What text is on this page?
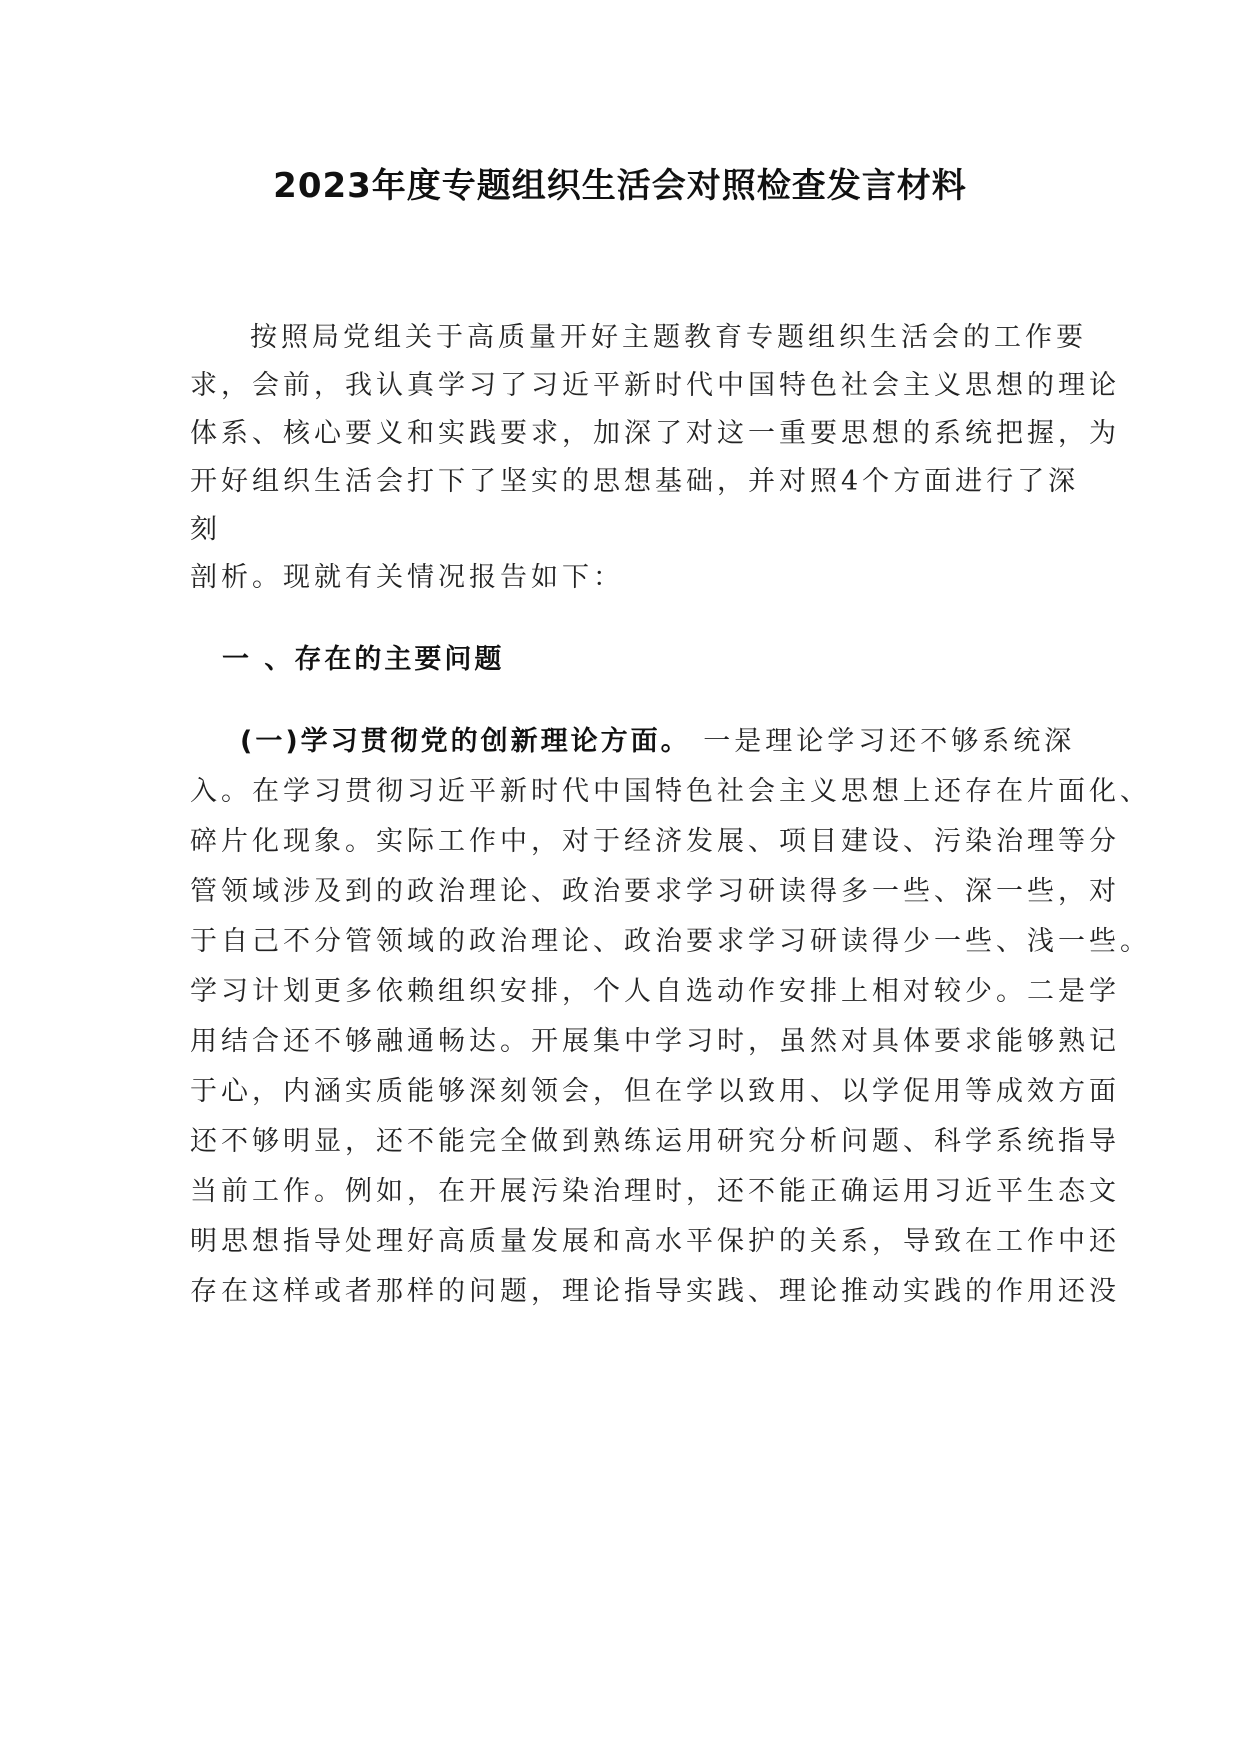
2023年度专题组织生活会对照检查发言材料
按照局党组关于高质量开好主题教育专题组织生活会的工作要
求，会前，我认真学习了习近平新时代中国特色社会主义思想的理论
体系、核心要义和实践要求，加深了对这一重要思想的系统把握，为
开好组织生活会打下了坚实的思想基础，并对照4个方面进行了深
刻
剖析。现就有关情况报告如下：
一 、存在的主要问题
(一)学习贯彻党的创新理论方面。 一是理论学习还不够系统深
入。在学习贯彻习近平新时代中国特色社会主义思想上还存在片面化、
碎片化现象。实际工作中，对于经济发展、项目建设、污染治理等分
管领域涉及到的政治理论、政治要求学习研读得多一些、深一些，对
于自己不分管领域的政治理论、政治要求学习研读得少一些、浅一些。
学习计划更多依赖组织安排，个人自选动作安排上相对较少。二是学
用结合还不够融通畅达。开展集中学习时，虽然对具体要求能够熟记
于心，内涵实质能够深刻领会，但在学以致用、以学促用等成效方面
还不够明显，还不能完全做到熟练运用研究分析问题、科学系统指导
当前工作。例如，在开展污染治理时，还不能正确运用习近平生态文
明思想指导处理好高质量发展和高水平保护的关系，导致在工作中还
存在这样或者那样的问题，理论指导实践、理论推动实践的作用还没
